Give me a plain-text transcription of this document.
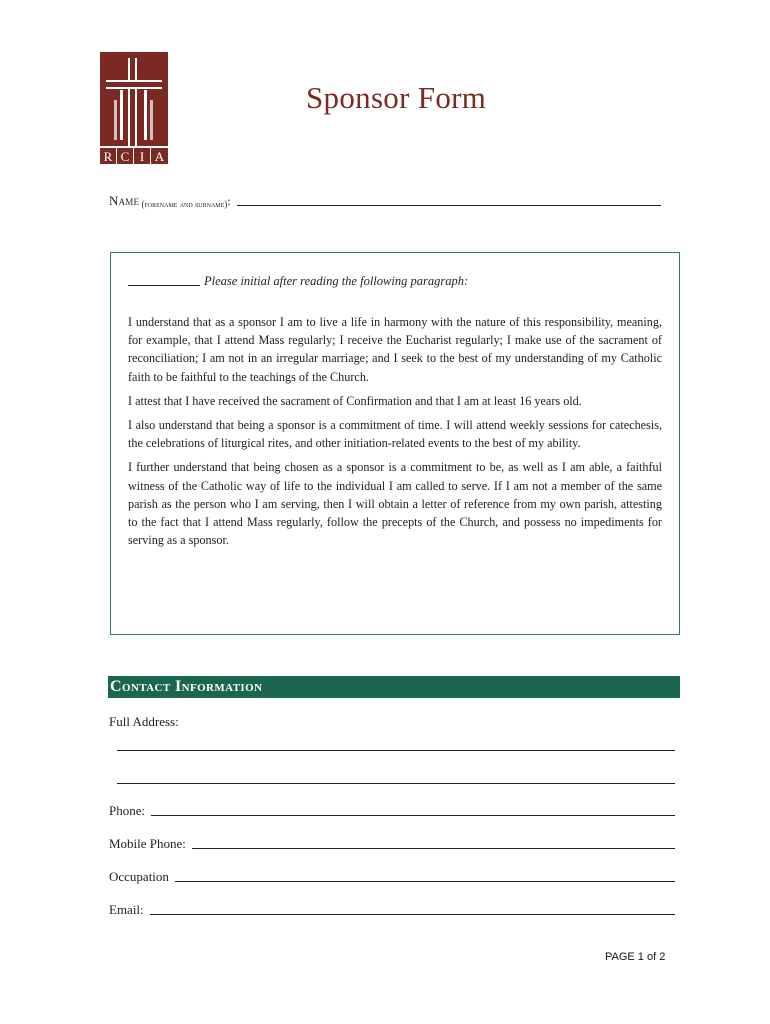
R C I A
Sponsor Form
Name (forename and surname) :
Please initial after reading the following paragraph:

I understand that as a sponsor I am to live a life in harmony with the nature of this responsibility, meaning, for example, that I attend Mass regularly; I receive the Eucharist regularly; I make use of the sacrament of reconciliation; I am not in an irregular marriage; and I seek to the best of my understanding of my Catholic faith to be faithful to the teachings of the Church.

I attest that I have received the sacrament of Confirmation and that I am at least 16 years old.

I also understand that being a sponsor is a commitment of time. I will attend weekly sessions for catechesis, the celebrations of liturgical rites, and other initiation-related events to the best of my ability.

I further understand that being chosen as a sponsor is a commitment to be, as well as I am able, a faithful witness of the Catholic way of life to the individual I am called to serve. If I am not a member of the same parish as the person who I am serving, then I will obtain a letter of reference from my own parish, attesting to the fact that I attend Mass regularly, follow the precepts of the Church, and possess no impediments for serving as a sponsor.

Contact Information
Full Address:
Phone:
Mobile Phone:
Occupation
Email:
PAGE 1 of 2
